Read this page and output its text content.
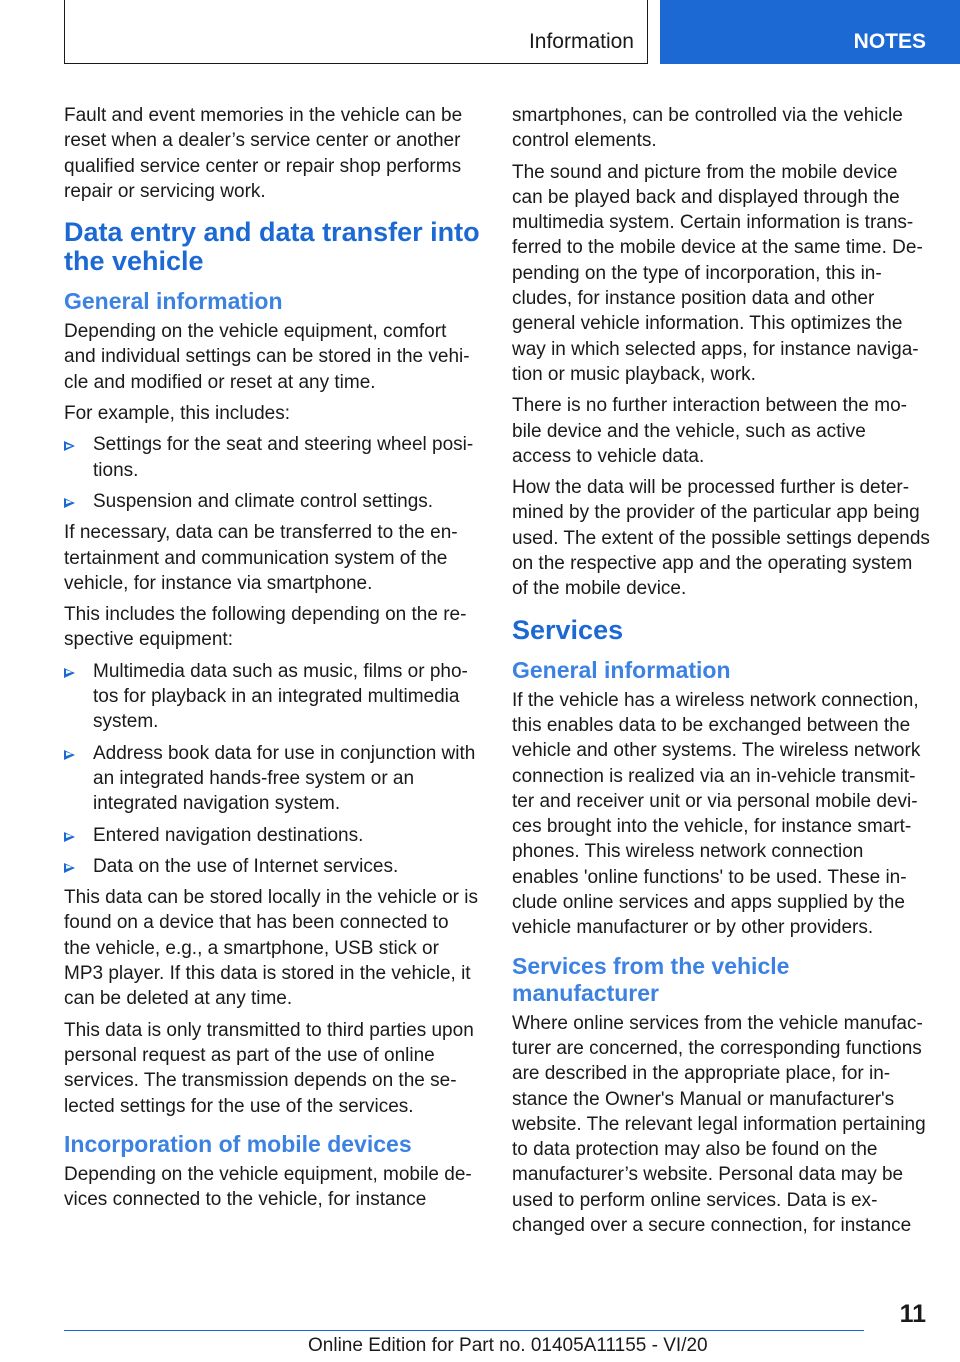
Information	NOTES

Fault and event memories in the vehicle can be reset when a dealer’s service center or another qualified service center or repair shop performs repair or servicing work.

Data entry and data transfer into the vehicle
General information

Depending on the vehicle equipment, comfort and individual settings can be stored in the vehicle and modified or reset at any time.

For example, this includes:

Settings for the seat and steering wheel positions.
Suspension and climate control settings.

If necessary, data can be transferred to the entertainment and communication system of the vehicle, for instance via smartphone.

This includes the following depending on the respective equipment:

Multimedia data such as music, films or photos for playback in an integrated multimedia system.
Address book data for use in conjunction with an integrated hands-free system or an integrated navigation system.
Entered navigation destinations.
Data on the use of Internet services.

This data can be stored locally in the vehicle or is found on a device that has been connected to the vehicle, e.g., a smartphone, USB stick or MP3 player. If this data is stored in the vehicle, it can be deleted at any time.

This data is only transmitted to third parties upon personal request as part of the use of online services. The transmission depends on the selected settings for the use of the services.

Incorporation of mobile devices

Depending on the vehicle equipment, mobile devices connected to the vehicle, for instance

smartphones, can be controlled via the vehicle control elements.

The sound and picture from the mobile device can be played back and displayed through the multimedia system. Certain information is transferred to the mobile device at the same time. Depending on the type of incorporation, this includes, for instance position data and other general vehicle information. This optimizes the way in which selected apps, for instance navigation or music playback, work.

There is no further interaction between the mobile device and the vehicle, such as active access to vehicle data.

How the data will be processed further is determined by the provider of the particular app being used. The extent of the possible settings depends on the respective app and the operating system of the mobile device.

Services
General information

If the vehicle has a wireless network connection, this enables data to be exchanged between the vehicle and other systems. The wireless network connection is realized via an in-vehicle transmitter and receiver unit or via personal mobile devices brought into the vehicle, for instance smartphones. This wireless network connection enables 'online functions' to be used. These include online services and apps supplied by the vehicle manufacturer or by other providers.

Services from the vehicle manufacturer

Where online services from the vehicle manufacturer are concerned, the corresponding functions are described in the appropriate place, for instance the Owner's Manual or manufacturer's website. The relevant legal information pertaining to data protection may also be found on the manufacturer’s website. Personal data may be used to perform online services. Data is exchanged over a secure connection, for instance

11
Online Edition for Part no. 01405A11155 - VI/20
